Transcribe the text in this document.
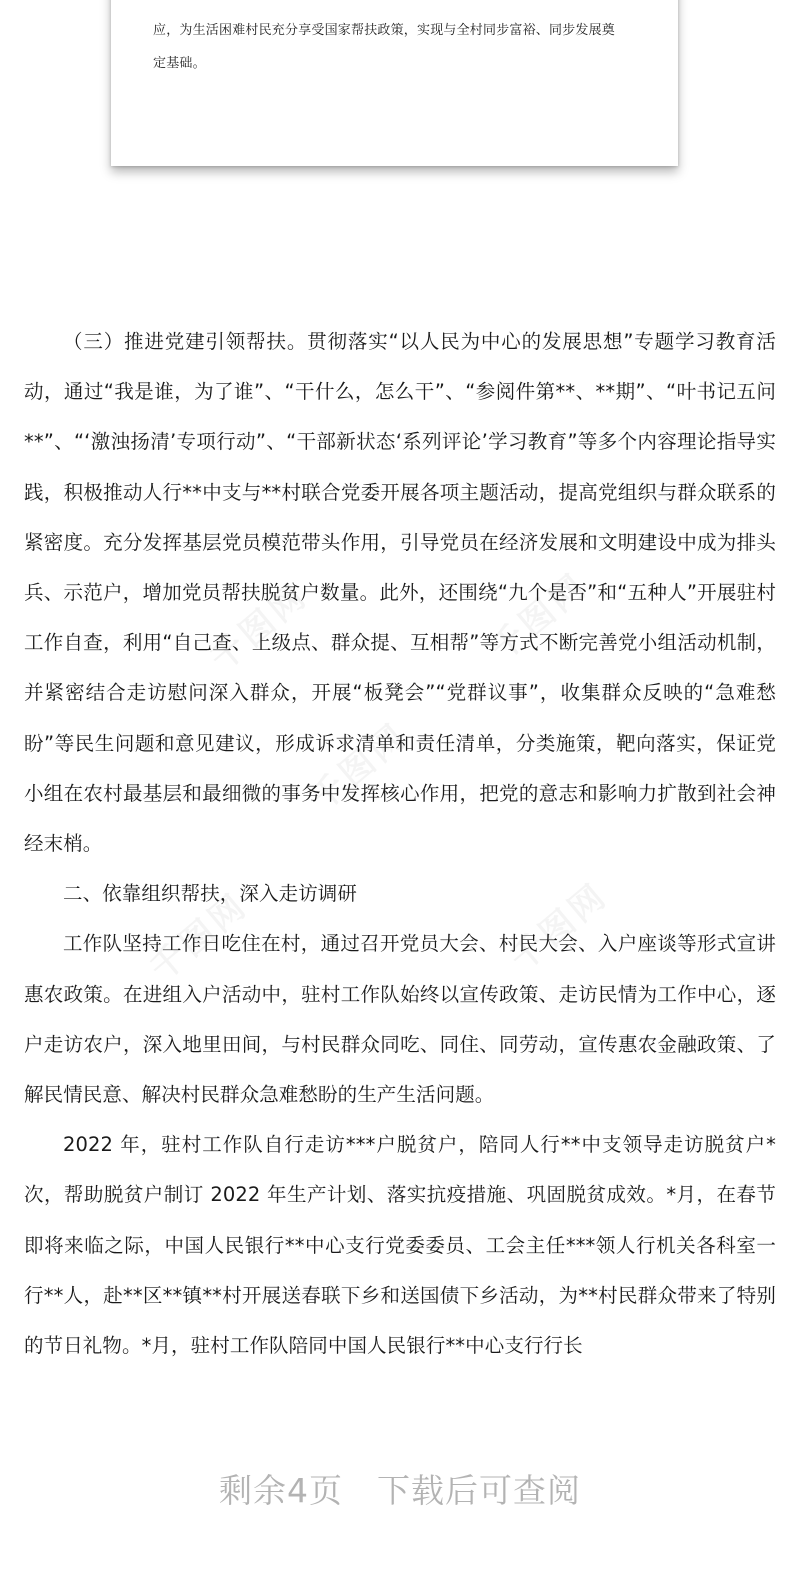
应，为生活困难村民充分享受国家帮扶政策，实现与全村同步富裕、同步发展奠

定基础。

（三）推进党建引领帮扶。贯彻落实“以人民为中心的发展思想”专题学习教育活动，通过“我是谁，为了谁”、“干什么，怎么干”、“参阅件第**、**期”、“叶书记五问**”、“‘激浊扬清’专项行动”、“干部新状态‘系列评论’学习教育”等多个内容理论指导实践，积极推动人行**中支与**村联合党委开展各项主题活动，提高党组织与群众联系的紧密度。充分发挥基层党员模范带头作用，引导党员在经济发展和文明建设中成为排头兵、示范户，增加党员帮扶脱贫户数量。此外，还围绕“九个是否”和“五种人”开展驻村工作自查，利用“自己查、上级点、群众提、互相帮”等方式不断完善党小组活动机制，并紧密结合走访慰问深入群众，开展“板凳会”“党群议事”，收集群众反映的“急难愁盼”等民生问题和意见建议，形成诉求清单和责任清单，分类施策，靶向落实，保证党小组在农村最基层和最细微的事务中发挥核心作用，把党的意志和影响力扩散到社会神经末梢。

二、依靠组织帮扶，深入走访调研

工作队坚持工作日吃住在村，通过召开党员大会、村民大会、入户座谈等形式宣讲惠农政策。在进组入户活动中，驻村工作队始终以宣传政策、走访民情为工作中心，逐户走访农户，深入地里田间，与村民群众同吃、同住、同劳动，宣传惠农金融政策、了解民情民意、解决村民群众急难愁盼的生产生活问题。

2022 年，驻村工作队自行走访***户脱贫户，陪同人行**中支领导走访脱贫户*次，帮助脱贫户制订 2022 年生产计划、落实抗疫措施、巩固脱贫成效。*月，在春节即将来临之际，中国人民银行**中心支行党委委员、工会主任***领人行机关各科室一行**人，赴**区**镇**村开展送春联下乡和送国债下乡活动，为**村民群众带来了特别的节日礼物。*月，驻村工作队陪同中国人民银行**中心支行行长

剩余4页 下载后可查阅
